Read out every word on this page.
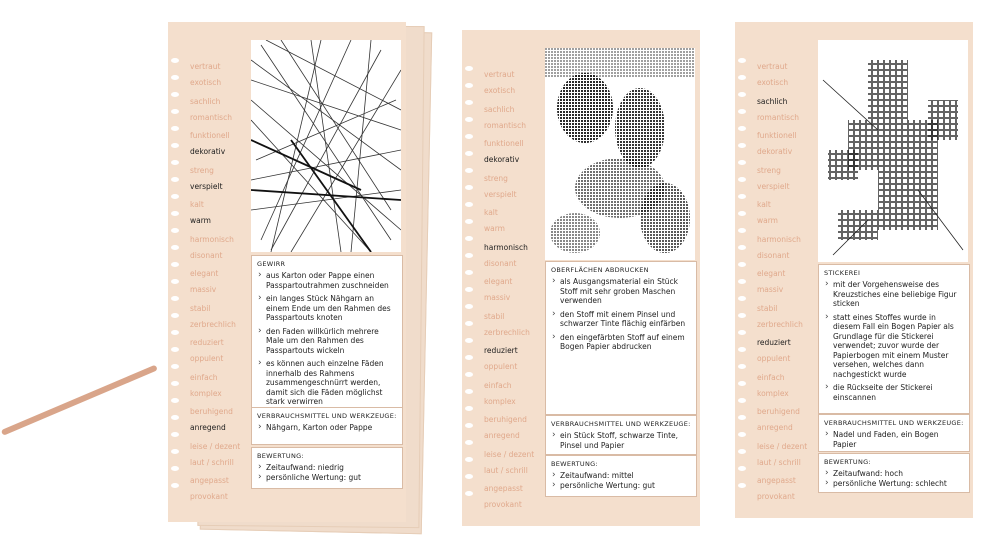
vertraut
exotisch
sachlich
romantisch
funktionell
dekorativ
streng
verspielt
kalt
warm
harmonisch
disonant
elegant
massiv
stabil
zerbrechlich
reduziert
oppulent
einfach
komplex
beruhigend
anregend
leise / dezent
laut / schrill
angepasst
provokant
GEWIRR
› aus Karton oder Pappe einen Passpartoutrahmen zuschneiden
› ein langes Stück Nähgarn an einem Ende um den Rahmen des Passpartouts knoten
› den Faden willkürlich mehrere Male um den Rahmen des Passpartouts wickeln
› es können auch einzelne Fäden innerhalb des Rahmens zusammengeschnürrt werden, damit sich die Fäden möglichst stark verwirren
VERBRAUCHSMITTEL UND WERKZEUGE:
› Nähgarn, Karton oder Pappe
BEWERTUNG:
› Zeitaufwand: niedrig
› persönliche Wertung: gut
vertraut
exotisch
sachlich
romantisch
funktionell
dekorativ
streng
verspielt
kalt
warm
harmonisch
disonant
elegant
massiv
stabil
zerbrechlich
reduziert
oppulent
einfach
komplex
beruhigend
anregend
leise / dezent
laut / schrill
angepasst
provokant
OBERFLÄCHEN ABDRUCKEN
› als Ausgangsmaterial ein Stück Stoff mit sehr groben Maschen verwenden
› den Stoff mit einem Pinsel und schwarzer Tinte flächig einfärben
› den eingefärbten Stoff auf einem Bogen Papier abdrucken
VERBRAUCHSMITTEL UND WERKZEUGE:
› ein Stück Stoff, schwarze Tinte, Pinsel und Papier
BEWERTUNG:
› Zeitaufwand: mittel
› persönliche Wertung: gut
vertraut
exotisch
sachlich
romantisch
funktionell
dekorativ
streng
verspielt
kalt
warm
harmonisch
disonant
elegant
massiv
stabil
zerbrechlich
reduziert
oppulent
einfach
komplex
beruhigend
anregend
leise / dezent
laut / schrill
angepasst
provokant
STICKEREI
› mit der Vorgehensweise des Kreuzstiches eine beliebige Figur sticken
› statt eines Stoffes wurde in diesem Fall ein Bogen Papier als Grundlage für die Stickerei verwendet; zuvor wurde der Papierbogen mit einem Muster versehen, welches dann nachgestickt wurde
› die Rückseite der Stickerei einscannen
VERBRAUCHSMITTEL UND WERKZEUGE:
› Nadel und Faden, ein Bogen Papier
BEWERTUNG:
› Zeitaufwand: hoch
› persönliche Wertung: schlecht
